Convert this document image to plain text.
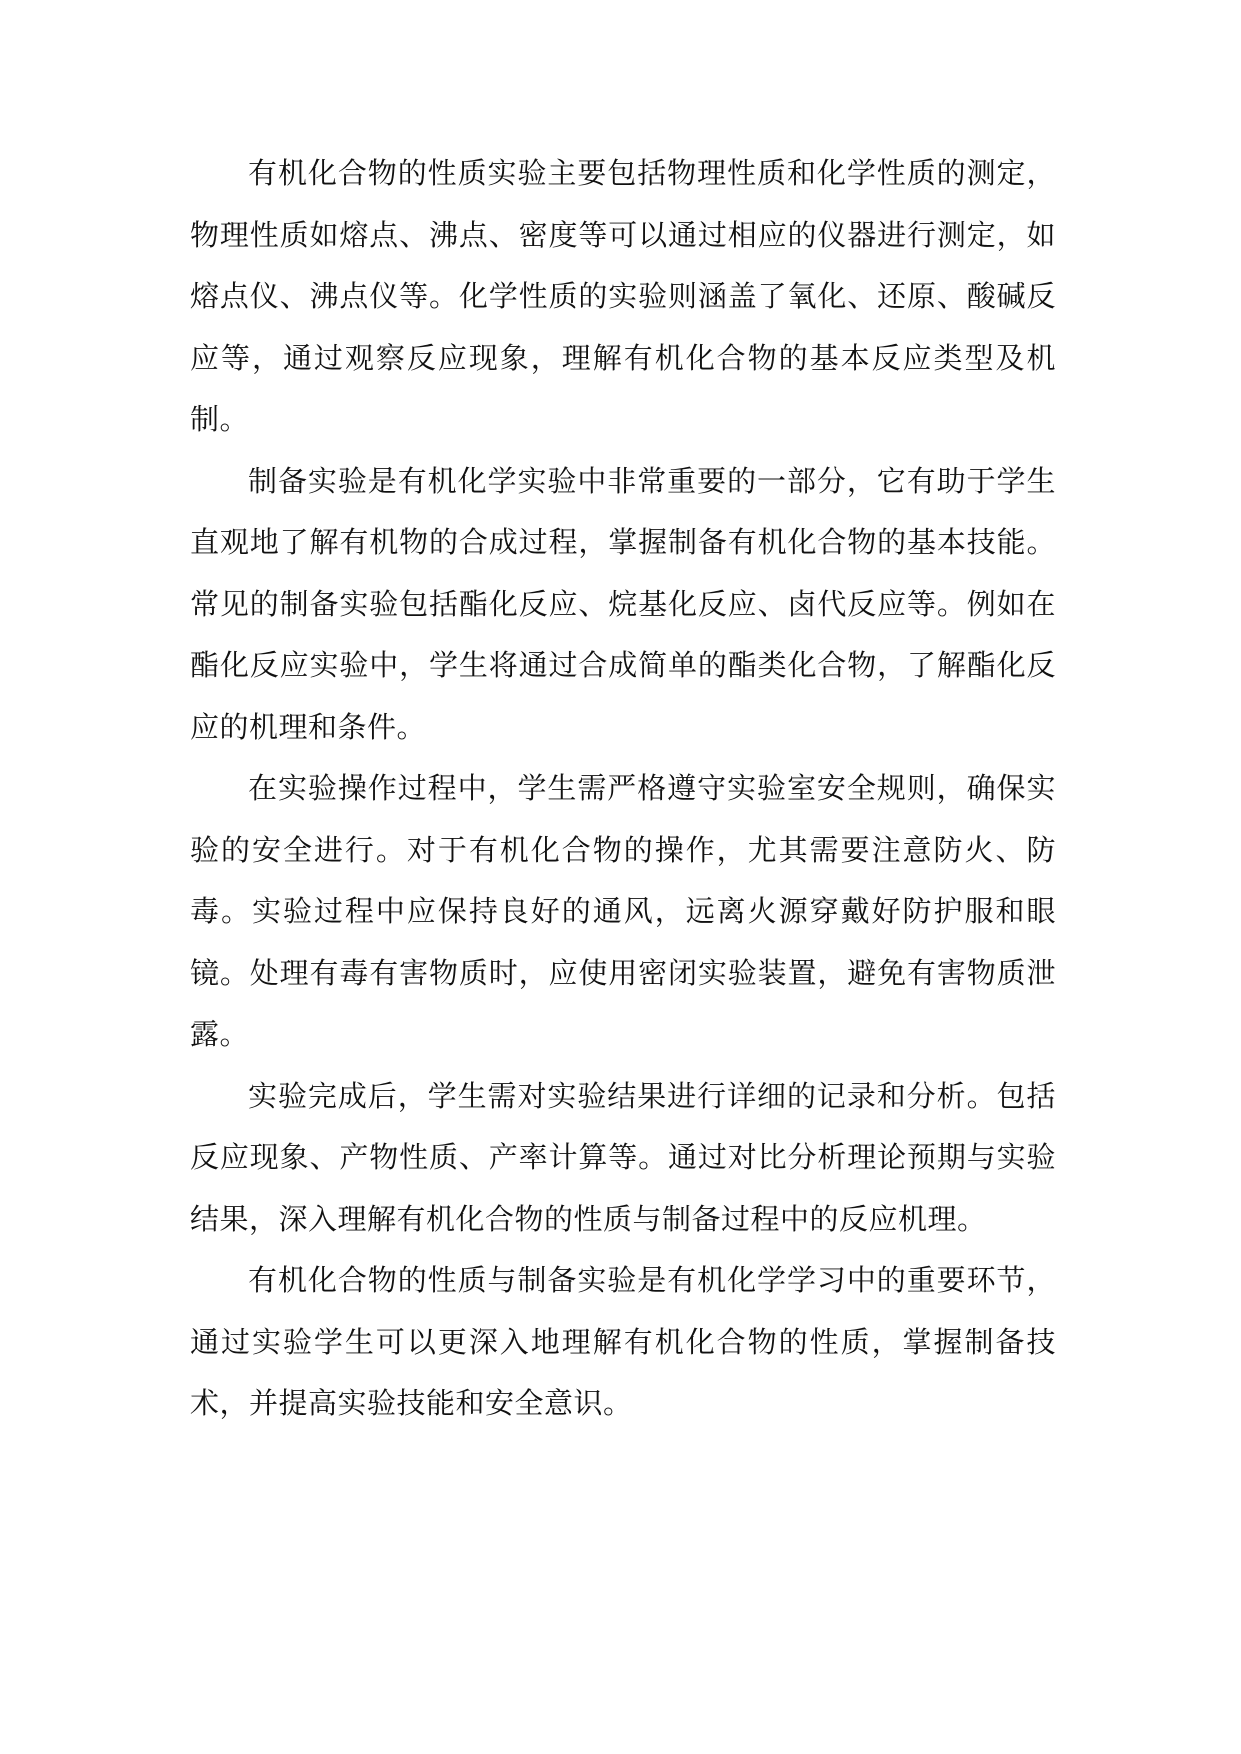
有机化合物的性质实验主要包括物理性质和化学性质的测定，物理性质如熔点、沸点、密度等可以通过相应的仪器进行测定，如熔点仪、沸点仪等。化学性质的实验则涵盖了氧化、还原、酸碱反应等，通过观察反应现象，理解有机化合物的基本反应类型及机制。

制备实验是有机化学实验中非常重要的一部分，它有助于学生直观地了解有机物的合成过程，掌握制备有机化合物的基本技能。常见的制备实验包括酯化反应、烷基化反应、卤代反应等。例如在酯化反应实验中，学生将通过合成简单的酯类化合物，了解酯化反应的机理和条件。

在实验操作过程中，学生需严格遵守实验室安全规则，确保实验的安全进行。对于有机化合物的操作，尤其需要注意防火、防毒。实验过程中应保持良好的通风，远离火源穿戴好防护服和眼镜。处理有毒有害物质时，应使用密闭实验装置，避免有害物质泄露。

实验完成后，学生需对实验结果进行详细的记录和分析。包括反应现象、产物性质、产率计算等。通过对比分析理论预期与实验结果，深入理解有机化合物的性质与制备过程中的反应机理。

有机化合物的性质与制备实验是有机化学学习中的重要环节，通过实验学生可以更深入地理解有机化合物的性质，掌握制备技术，并提高实验技能和安全意识。
